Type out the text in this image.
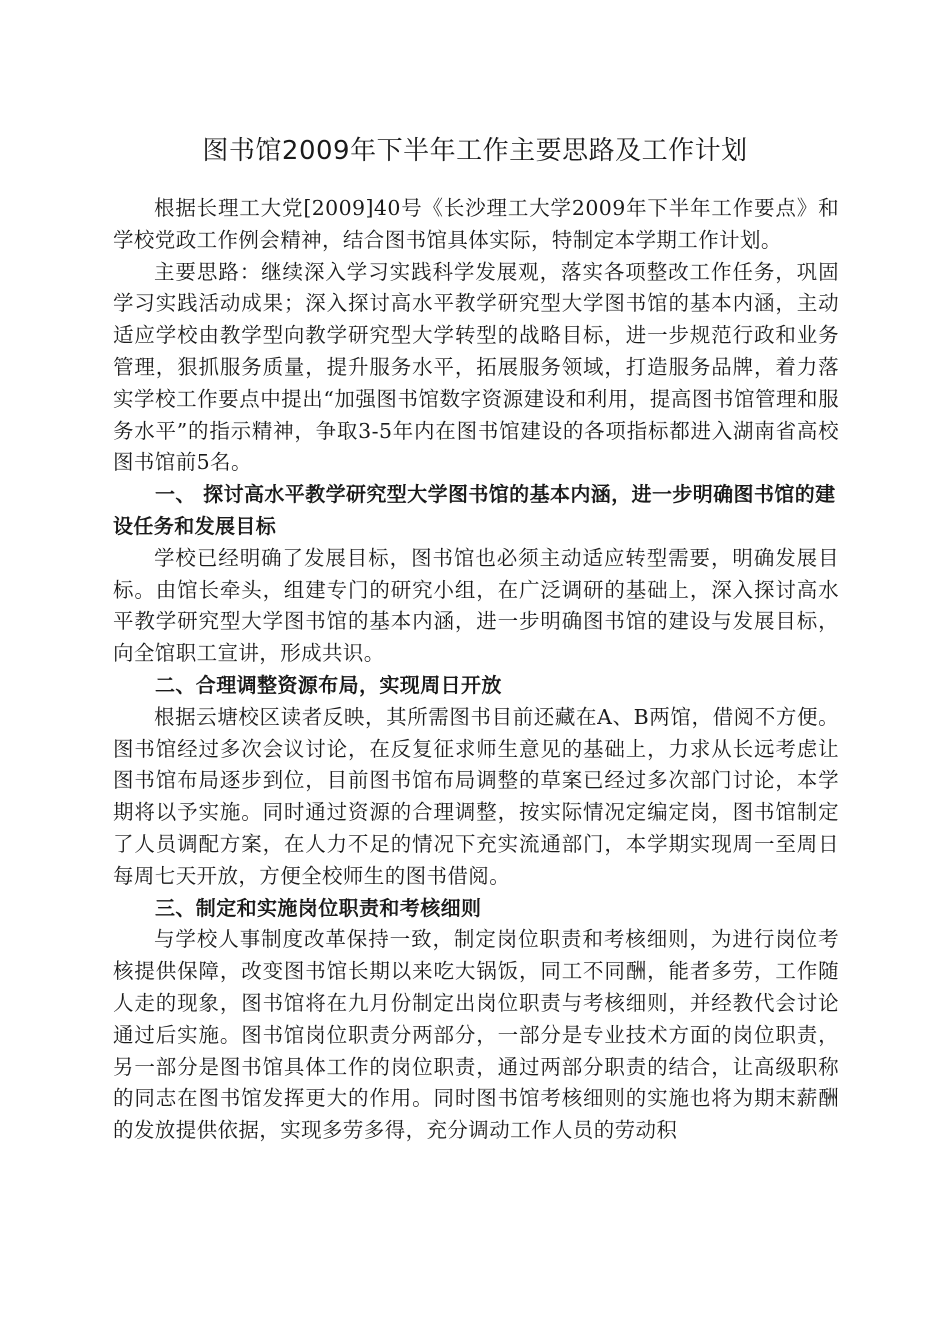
图书馆2009年下半年工作主要思路及工作计划

根据长理工大党[2009]40号《长沙理工大学2009年下半年工作要点》和学校党政工作例会精神，结合图书馆具体实际，特制定本学期工作计划。

主要思路：继续深入学习实践科学发展观，落实各项整改工作任务，巩固学习实践活动成果；深入探讨高水平教学研究型大学图书馆的基本内涵，主动适应学校由教学型向教学研究型大学转型的战略目标，进一步规范行政和业务管理，狠抓服务质量，提升服务水平，拓展服务领域，打造服务品牌，着力落实学校工作要点中提出“加强图书馆数字资源建设和利用，提高图书馆管理和服务水平”的指示精神，争取3-5年内在图书馆建设的各项指标都进入湖南省高校图书馆前5名。

一、 探讨高水平教学研究型大学图书馆的基本内涵，进一步明确图书馆的建设任务和发展目标

学校已经明确了发展目标，图书馆也必须主动适应转型需要，明确发展目标。由馆长牵头，组建专门的研究小组，在广泛调研的基础上，深入探讨高水平教学研究型大学图书馆的基本内涵，进一步明确图书馆的建设与发展目标，向全馆职工宣讲，形成共识。

二、合理调整资源布局，实现周日开放

根据云塘校区读者反映，其所需图书目前还藏在A、B两馆，借阅不方便。图书馆经过多次会议讨论，在反复征求师生意见的基础上，力求从长远考虑让图书馆布局逐步到位，目前图书馆布局调整的草案已经过多次部门讨论，本学期将以予实施。同时通过资源的合理调整，按实际情况定编定岗，图书馆制定了人员调配方案，在人力不足的情况下充实流通部门，本学期实现周一至周日每周七天开放，方便全校师生的图书借阅。

三、制定和实施岗位职责和考核细则

与学校人事制度改革保持一致，制定岗位职责和考核细则，为进行岗位考核提供保障，改变图书馆长期以来吃大锅饭，同工不同酬，能者多劳，工作随人走的现象，图书馆将在九月份制定出岗位职责与考核细则，并经教代会讨论通过后实施。图书馆岗位职责分两部分，一部分是专业技术方面的岗位职责，另一部分是图书馆具体工作的岗位职责，通过两部分职责的结合，让高级职称的同志在图书馆发挥更大的作用。同时图书馆考核细则的实施也将为期末薪酬的发放提供依据，实现多劳多得，充分调动工作人员的劳动积
